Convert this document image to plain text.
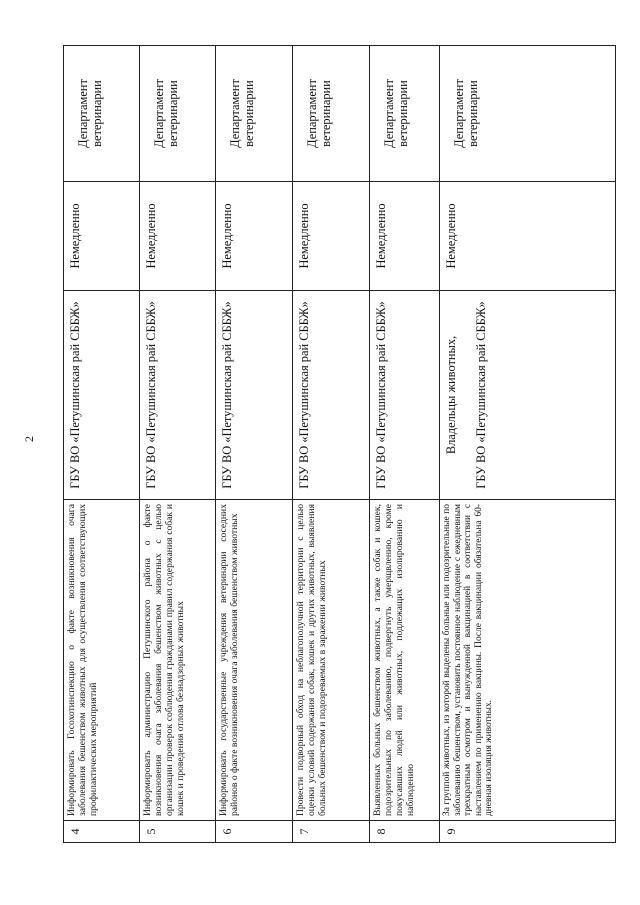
2
4	Информировать Госохотинспекцию о факте возникновения очага заболевания бешенством животных для осуществления соответствующих профилактических мероприятий	ГБУ ВО «Петушинская рай СББЖ»	Немедленно	Департамент ветеринарии
5	Информировать администрацию Петушинского района о факте возникновения очага заболевания бешенством животных с целью организации проверок соблюдения гражданами правил содержания собак и кошек и проведения отлова безнадзорных животных	ГБУ ВО «Петушинская рай СББЖ»	Немедленно	Департамент ветеринарии
6	Информировать государственные учреждения ветеринарии соседних районов о факте возникновения очага заболевания бешенством животных	ГБУ ВО «Петушинская рай СББЖ»	Немедленно	Департамент ветеринарии
7	Провести подворный обход на неблагополучной территории с целью оценки условий содержания собак, кошек и других животных, выявления больных бешенством и подозреваемых в заражении животных	ГБУ ВО «Петушинская рай СББЖ»	Немедленно	Департамент ветеринарии
8	Выявленных больных бешенством животных, а также собак и кошек, подозрительных по заболеванию, подвергнуть умерщвлению, кроме покусавших людей или животных, подлежащих изолированию и наблюдению	ГБУ ВО «Петушинская рай СББЖ»	Немедленно	Департамент ветеринарии
9	За группой животных, из которой выделены больные или подозрительные по заболеванию бешенством, установить постоянное наблюдение с ежедневным трехкратным осмотром и вынужденной вакцинацией в соответствии с наставлением по применению вакцины. После вакцинации обязательна 60-дневная изоляция животных.	Владельцы животных, ГБУ ВО «Петушинская рай СББЖ»	Немедленно	Департамент ветеринарии
